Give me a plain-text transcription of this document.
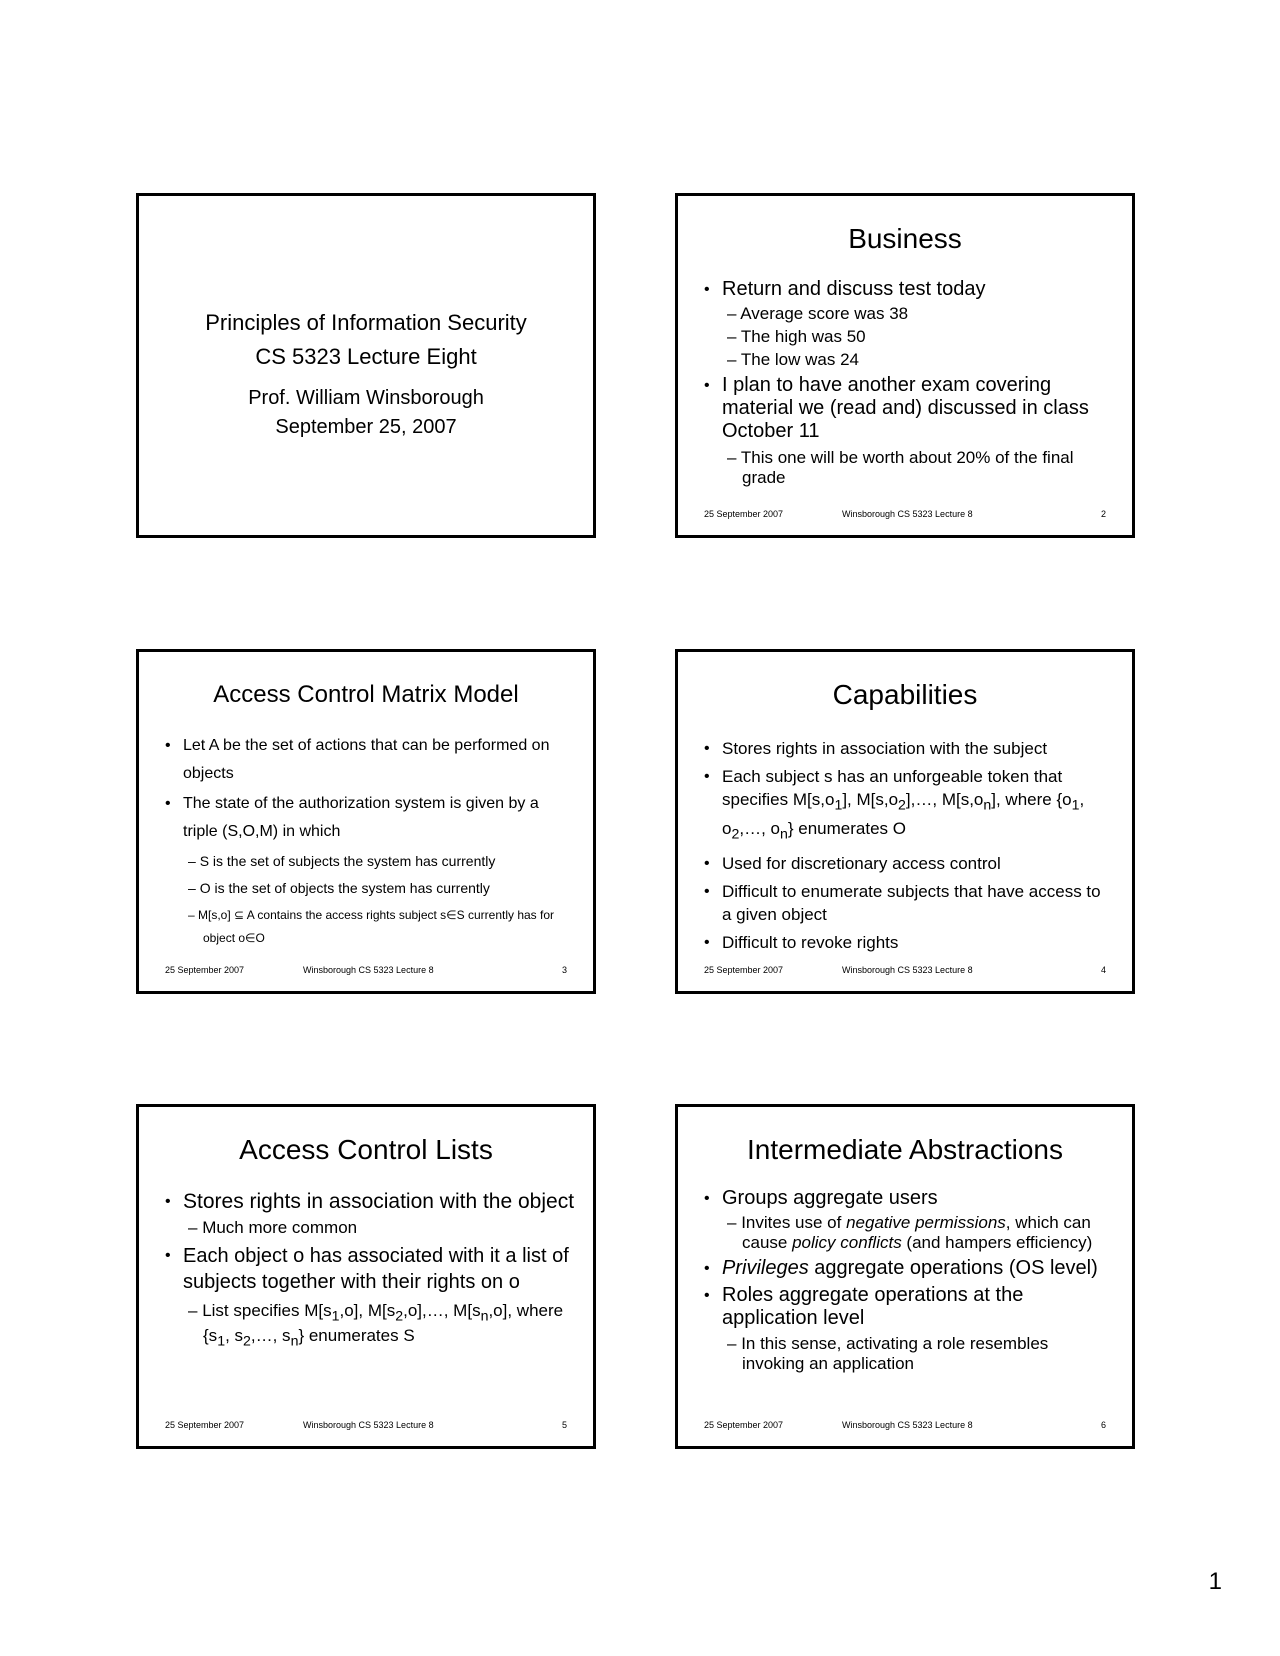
Principles of Information Security
CS 5323 Lecture Eight
Prof. William Winsborough
September 25, 2007
Business
• Return and discuss test today
– Average score was 38
– The high was 50
– The low was 24
• I plan to have another exam covering material we (read and) discussed in class October 11
– This one will be worth about 20% of the final grade
25 September 2007	Winsborough CS 5323 Lecture 8	2
Access Control Matrix Model
• Let A be the set of actions that can be performed on objects
• The state of the authorization system is given by a triple (S,O,M) in which
– S is the set of subjects the system has currently
– O is the set of objects the system has currently
– M[s,o] ⊆ A contains the access rights subject s∈S currently has for object o∈O
25 September 2007	Winsborough CS 5323 Lecture 8	3
Capabilities
• Stores rights in association with the subject
• Each subject s has an unforgeable token that specifies $M[s,o_1]$, $M[s,o_2],\dots$, $M[s,o_n]$, where {$o_1$, $o_2,\dots$, $o_n$} enumerates O
• Used for discretionary access control
• Difficult to enumerate subjects that have access to a given object
• Difficult to revoke rights
25 September 2007	Winsborough CS 5323 Lecture 8	4
Access Control Lists
• Stores rights in association with the object
– Much more common
• Each object o has associated with it a list of subjects together with their rights on o
– List specifies $M[s_1,o]$, $M[s_2,o],\dots$, $M[s_n,o]$, where {$s_1$, $s_2,\dots$, $s_n$} enumerates S
25 September 2007	Winsborough CS 5323 Lecture 8	5
Intermediate Abstractions
• Groups aggregate users
– Invites use of negative permissions, which can cause policy conflicts (and hampers efficiency)
• Privileges aggregate operations (OS level)
• Roles aggregate operations at the application level
– In this sense, activating a role resembles invoking an application
25 September 2007	Winsborough CS 5323 Lecture 8	6
1
